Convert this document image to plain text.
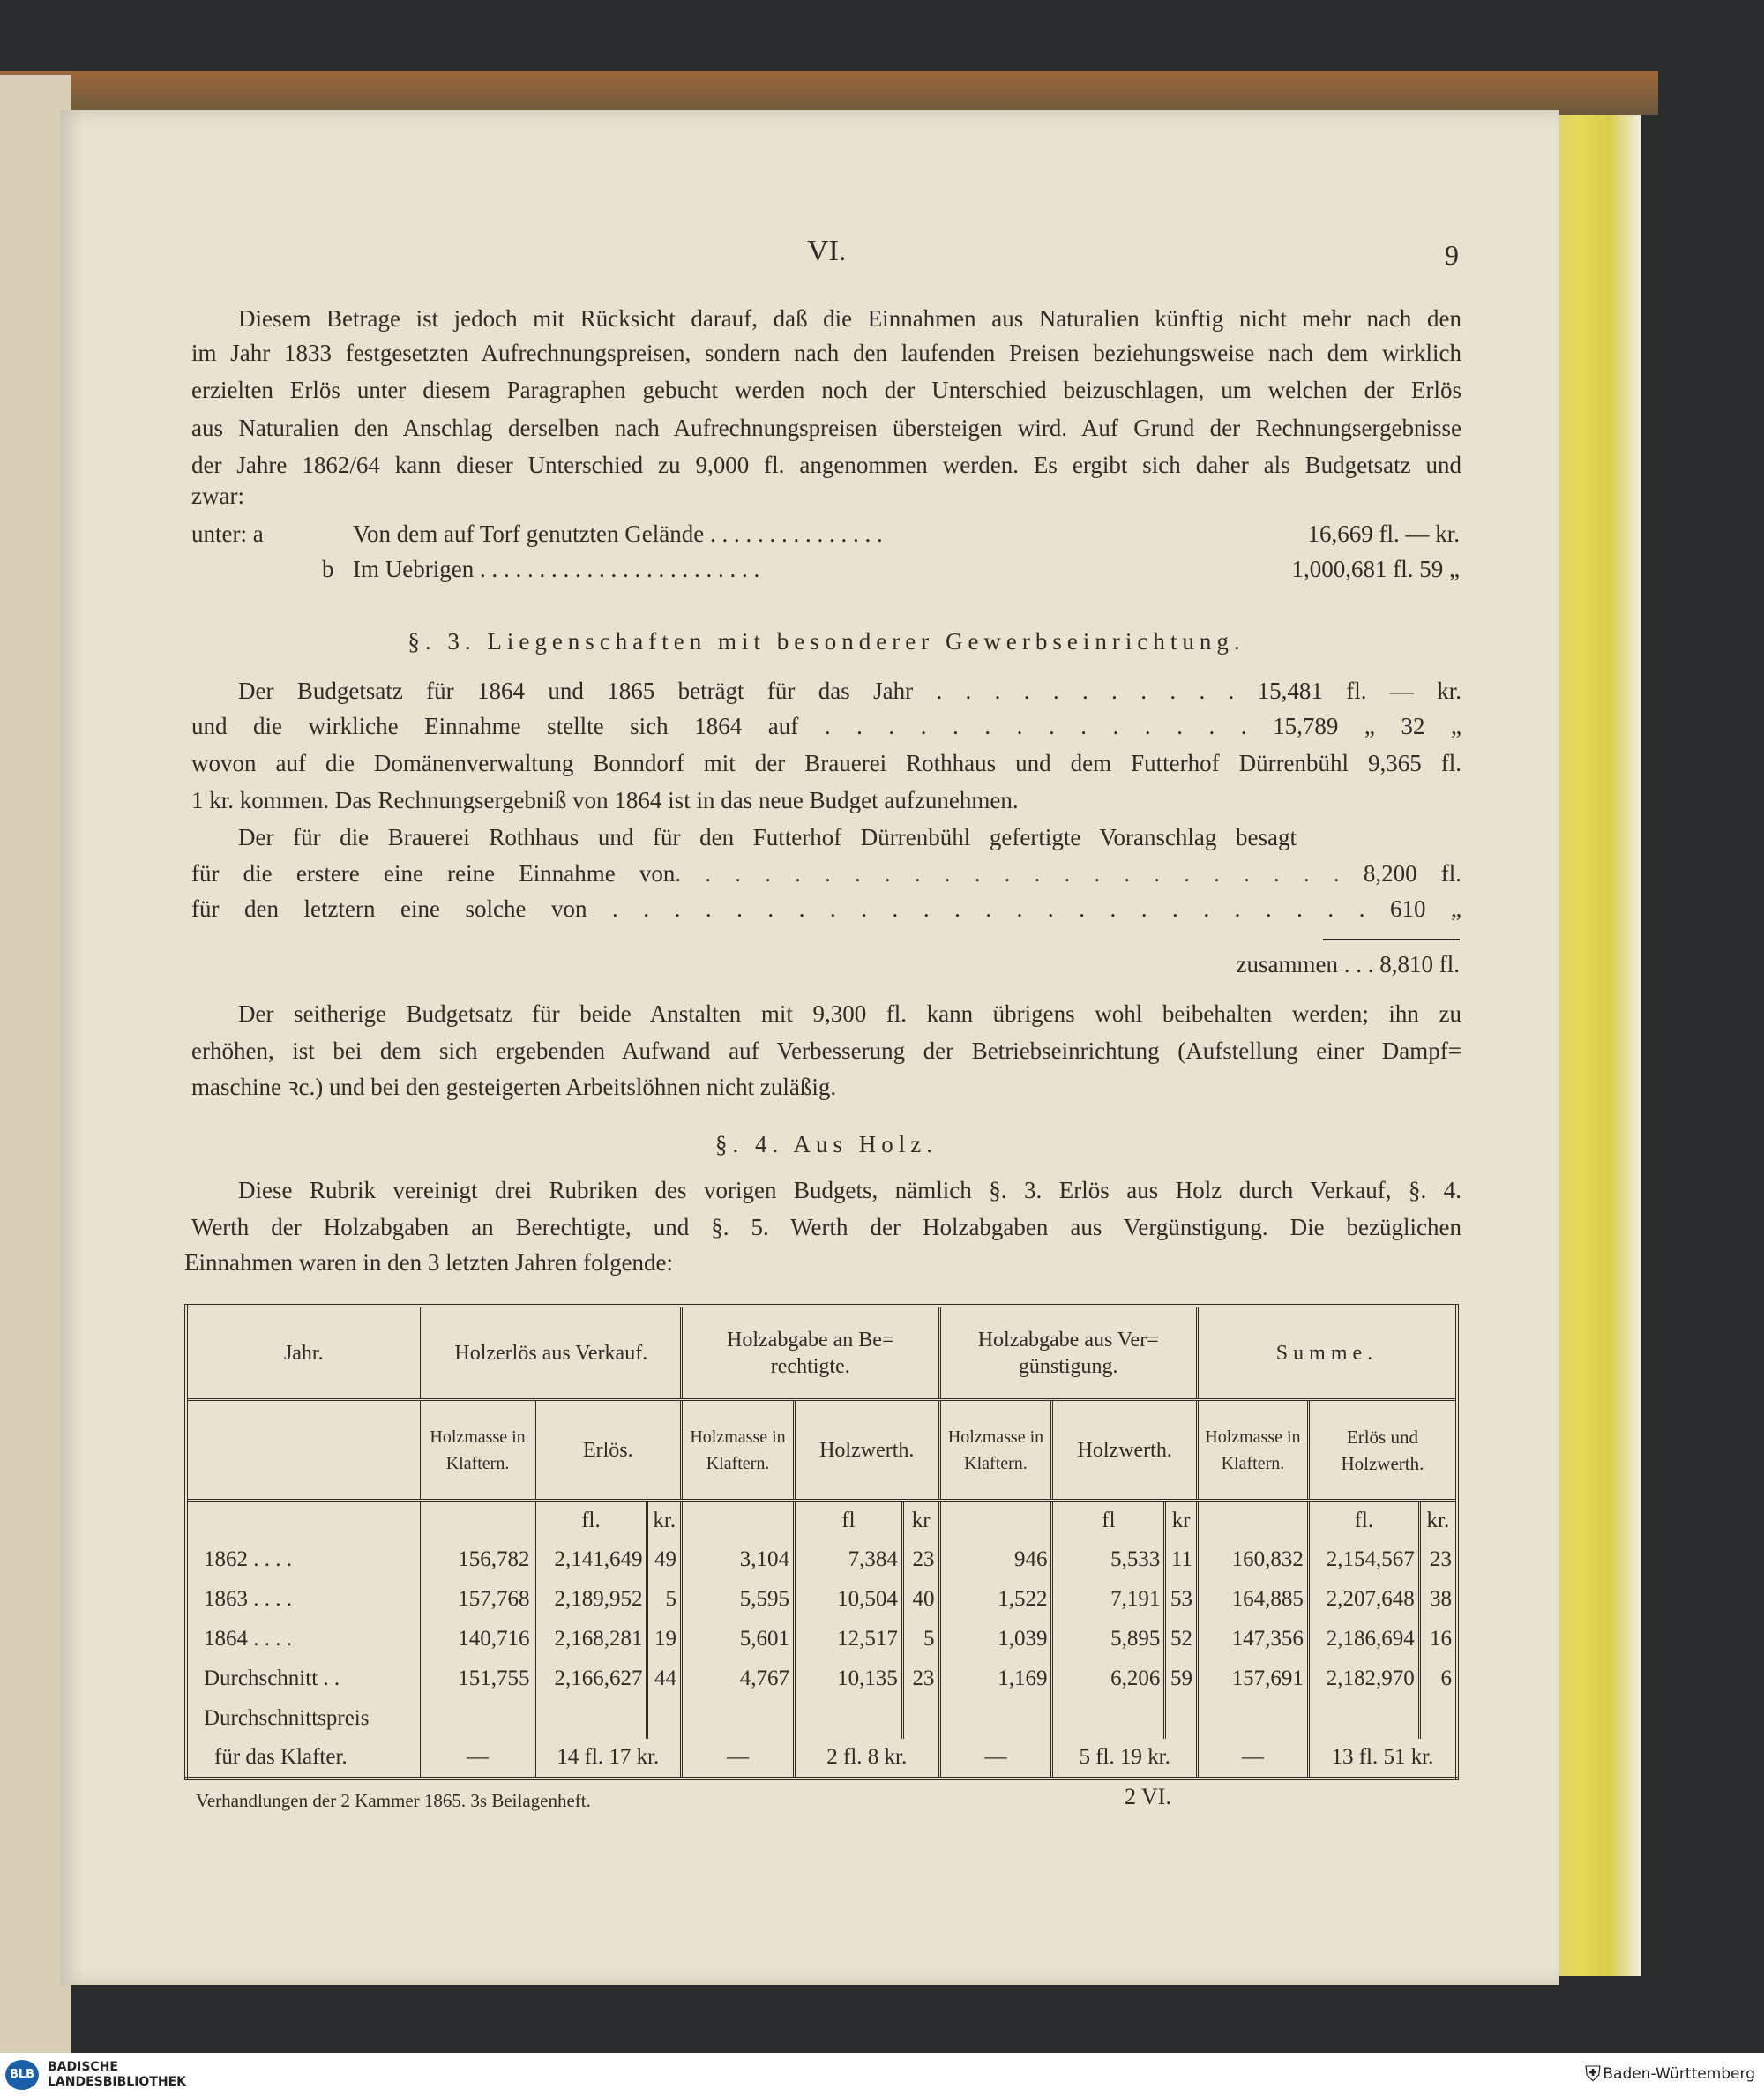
VI.	9
Diesem Betrage ist jedoch mit Rücksicht darauf, daß die Einnahmen aus Naturalien künftig nicht mehr nach den
im Jahr 1833 festgesetzten Aufrechnungspreisen, sondern nach den laufenden Preisen beziehungsweise nach dem wirklich
erzielten Erlös unter diesem Paragraphen gebucht werden noch der Unterschied beizuschlagen, um welchen der Erlös
aus Naturalien den Anschlag derselben nach Aufrechnungspreisen übersteigen wird. Auf Grund der Rechnungsergebnisse
der Jahre 1862/64 kann dieser Unterschied zu 9,000 fl. angenommen werden. Es ergibt sich daher als Budgetsatz und
zwar:
unter: a	Von dem auf Torf genutzten Gelände . . . . . . . . . . . . . . .	16,669 fl. — kr.
b Im Uebrigen . . . . . . . . . . . . . . . . . . . . . . . .	1,000,681 fl. 59 „
§. 3. Liegenschaften mit besonderer Gewerbseinrichtung.
Der Budgetsatz für 1864 und 1865 beträgt für das Jahr . . . . . . . . . . . 15,481 fl. — kr.
und die wirkliche Einnahme stellte sich 1864 auf . . . . . . . . . . . . . . 15,789 „ 32 „
wovon auf die Domänenverwaltung Bonndorf mit der Brauerei Rothhaus und dem Futterhof Dürrenbühl 9,365 fl.
1 kr. kommen. Das Rechnungsergebniß von 1864 ist in das neue Budget aufzunehmen.
Der für die Brauerei Rothhaus und für den Futterhof Dürrenbühl gefertigte Voranschlag besagt
für die erstere eine reine Einnahme von. . . . . . . . . . . . . . . . . . . . . . . 8,200 fl.
für den letztern eine solche von . . . . . . . . . . . . . . . . . . . . . . . . . 610 „
zusammen . . . 8,810 fl.
Der seitherige Budgetsatz für beide Anstalten mit 9,300 fl. kann übrigens wohl beibehalten werden; ihn zu
erhöhen, ist bei dem sich ergebenden Aufwand auf Verbesserung der Betriebseinrichtung (Aufstellung einer Dampf=
maschine ꝛc.) und bei den gesteigerten Arbeitslöhnen nicht zuläßig.
§. 4. Aus Holz.
Diese Rubrik vereinigt drei Rubriken des vorigen Budgets, nämlich §. 3. Erlös aus Holz durch Verkauf, §. 4.
Werth der Holzabgaben an Berechtigte, und §. 5. Werth der Holzabgaben aus Vergünstigung. Die bezüglichen
Einnahmen waren in den 3 letzten Jahren folgende:
Jahr.	Holzerlös aus Verkauf.			Holzabgabe an Be= rechtigte.			Holzabgabe aus Ver= günstigung.			Summe.		
	Holzmasse in Klaftern.	Erlös.		Holzmasse in Klaftern.	Holzwerth.		Holzmasse in Klaftern.	Holzwerth.		Holzmasse in Klaftern.	Erlös und Holzwerth.	
		fl.	kr.		fl	kr		fl	kr		fl.	kr.
1862 . . . .	156,782	2,141,649	49	3,104	7,384	23	946	5,533	11	160,832	2,154,567	23
1863 . . . .	157,768	2,189,952	5	5,595	10,504	40	1,522	7,191	53	164,885	2,207,648	38
1864 . . . .	140,716	2,168,281	19	5,601	12,517	5	1,039	5,895	52	147,356	2,186,694	16
Durchschnitt . .	151,755	2,166,627	44	4,767	10,135	23	1,169	6,206	59	157,691	2,182,970	6
Durchschnittspreis												
für das Klafter.	—	14 fl. 17 kr.		—	2 fl. 8 kr.		—	5 fl. 19 kr.		—	13 fl. 51 kr.	
Verhandlungen der 2 Kammer 1865. 3s Beilagenheft.	2 VI.
BLB
BADISCHE
LANDESBIBLIOTHEK	⛨ Baden-Württemberg
